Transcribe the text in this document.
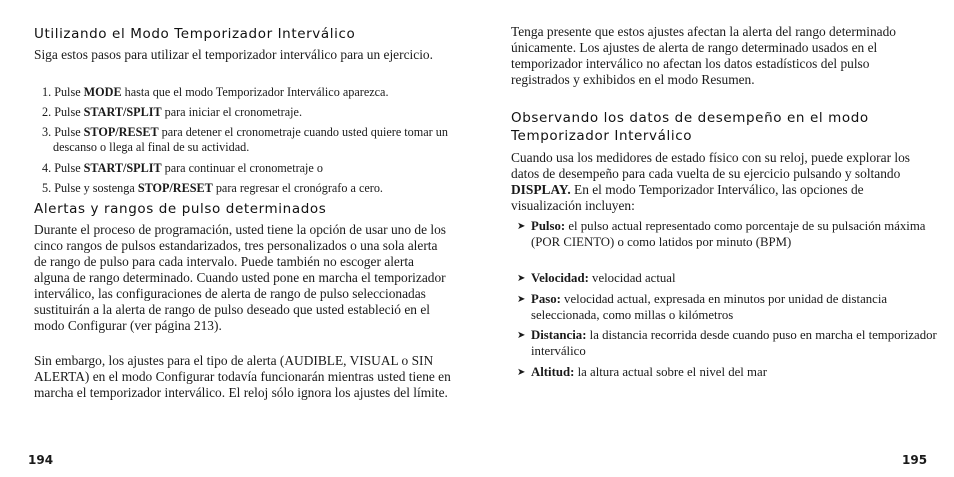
Utilizando el Modo Temporizador Interválico

Siga estos pasos para utilizar el temporizador interválico para un ejercicio.

1. Pulse MODE hasta que el modo Temporizador Interválico aparezca.
2. Pulse START/SPLIT para iniciar el cronometraje.
3. Pulse STOP/RESET para detener el cronometraje cuando usted quiere tomar un descanso o llega al final de su actividad.
4. Pulse START/SPLIT para continuar el cronometraje o
5. Pulse y sostenga STOP/RESET para regresar el cronógrafo a cero.
Alertas y rangos de pulso determinados

Durante el proceso de programación, usted tiene la opción de usar uno de los cinco rangos de pulsos estandarizados, tres personalizados o una sola alerta de rango de pulso para cada intervalo. Puede también no escoger alerta alguna de rango determinado. Cuando usted pone en marcha el temporizador interválico, las configuraciones de alerta de rango de pulso seleccionadas sustituirán a la alerta de rango de pulso deseado que usted estableció en el modo Configurar (ver página 213).

Sin embargo, los ajustes para el tipo de alerta (AUDIBLE, VISUAL o SIN ALERTA) en el modo Configurar todavía funcionarán mientras usted tiene en marcha el temporizador interválico. El reloj sólo ignora los ajustes del límite.

194

Tenga presente que estos ajustes afectan la alerta del rango determinado únicamente. Los ajustes de alerta de rango determinado usados en el temporizador interválico no afectan los datos estadísticos del pulso registrados y exhibidos en el modo Resumen.

Observando los datos de desempeño en el modo Temporizador Interválico

Cuando usa los medidores de estado físico con su reloj, puede explorar los datos de desempeño para cada vuelta de su ejercicio pulsando y soltando DISPLAY. En el modo Temporizador Interválico, las opciones de visualización incluyen:

➤ Pulso: el pulso actual representado como porcentaje de su pulsación máxima (POR CIENTO) o como latidos por minuto (BPM)
➤ Velocidad: velocidad actual
➤ Paso: velocidad actual, expresada en minutos por unidad de distancia seleccionada, como millas o kilómetros
➤ Distancia: la distancia recorrida desde cuando puso en marcha el temporizador interválico
➤ Altitud: la altura actual sobre el nivel del mar
195
